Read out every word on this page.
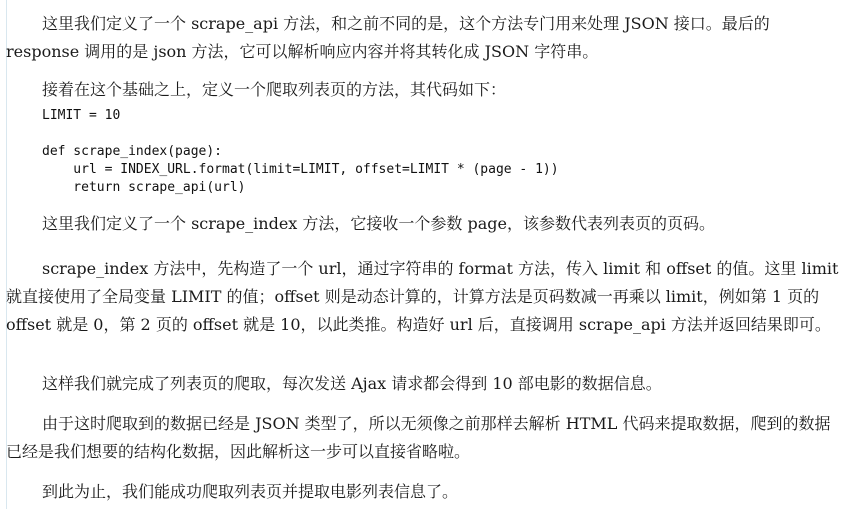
这里我们定义了一个 scrape_api 方法，和之前不同的是，这个方法专门用来处理 JSON 接口。最后的 response 调用的是 json 方法，它可以解析响应内容并将其转化成 JSON 字符串。

接着在这个基础之上，定义一个爬取列表页的方法，其代码如下：

LIMIT = 10

def scrape_index(page):
url = INDEX_URL.format(limit=LIMIT, offset=LIMIT * (page - 1))
return scrape_api(url)

这里我们定义了一个 scrape_index 方法，它接收一个参数 page，该参数代表列表页的页码。

scrape_index 方法中，先构造了一个 url，通过字符串的 format 方法，传入 limit 和 offset 的值。这里 limit 就直接使用了全局变量 LIMIT 的值；offset 则是动态计算的，计算方法是页码数减一再乘以 limit，例如第 1 页的 offset 就是 0，第 2 页的 offset 就是 10，以此类推。构造好 url 后，直接调用 scrape_api 方法并返回结果即可。

这样我们就完成了列表页的爬取，每次发送 Ajax 请求都会得到 10 部电影的数据信息。

由于这时爬取到的数据已经是 JSON 类型了，所以无须像之前那样去解析 HTML 代码来提取数据，爬到的数据已经是我们想要的结构化数据，因此解析这一步可以直接省略啦。

到此为止，我们能成功爬取列表页并提取电影列表信息了。
